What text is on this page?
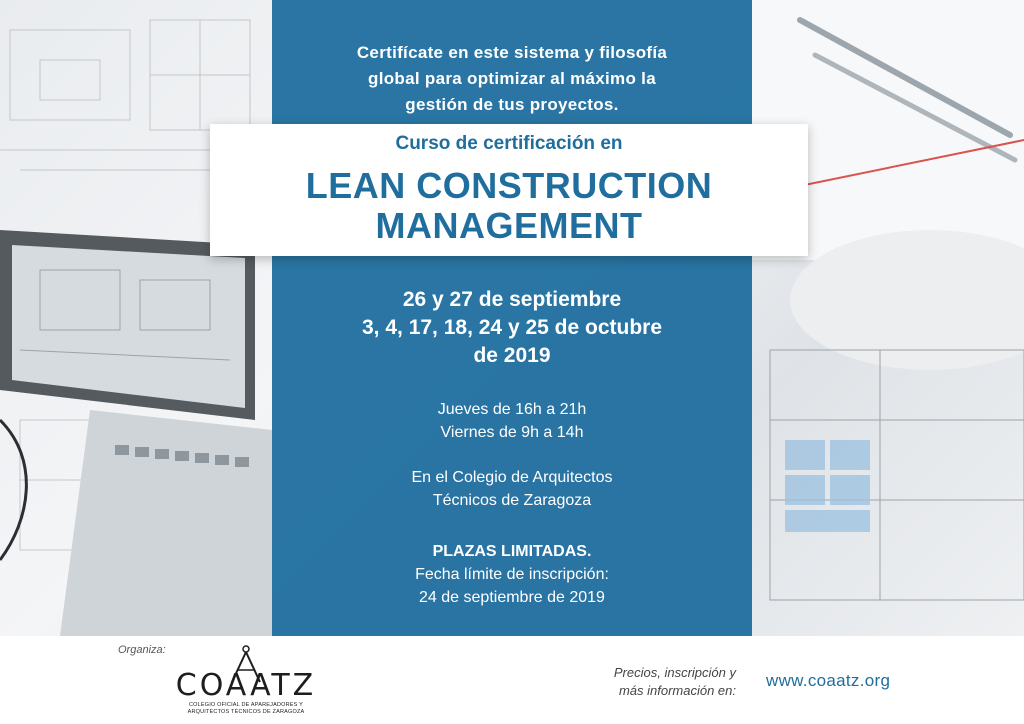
Certifícate en este sistema y filosofía
global para optimizar al máximo la
gestión de tus proyectos.
Curso de certificación en
LEAN CONSTRUCTION
MANAGEMENT
26 y 27 de septiembre
3, 4, 17, 18, 24 y 25 de octubre
de 2019
Jueves de 16h a 21h
Viernes de 9h a 14h
En el Colegio de Arquitectos
Técnicos de Zaragoza
PLAZAS LIMITADAS.
Fecha límite de inscripción:
24 de septiembre de 2019
Organiza:
COAATZ
COLEGIO OFICIAL DE APAREJADORES Y
ARQUITECTOS TÉCNICOS DE ZARAGOZA
Precios, inscripción y
más información en:
www.coaatz.org
